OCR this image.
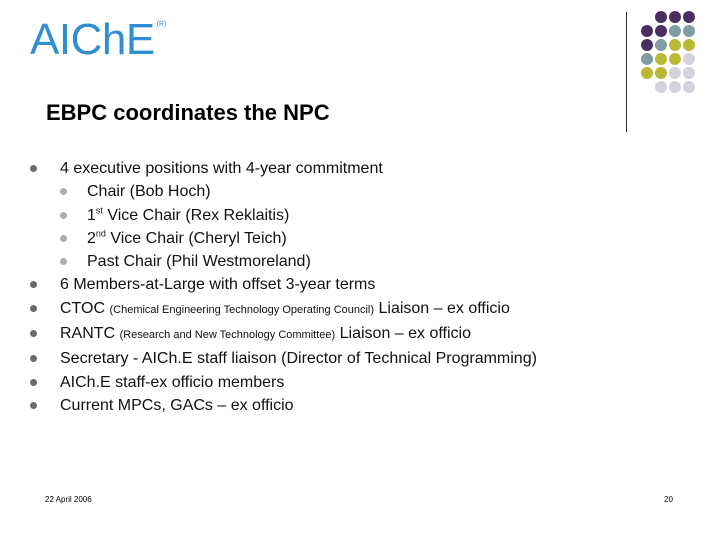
AIChE $^{(R)}$
EBPC coordinates the NPC
4 executive positions with 4-year commitment
Chair (Bob Hoch)
1st Vice Chair (Rex Reklaitis)
2nd Vice Chair (Cheryl Teich)
Past Chair (Phil Westmoreland)
6 Members-at-Large with offset 3-year terms
CTOC (Chemical Engineering Technology Operating Council) Liaison – ex officio
RANTC (Research and New Technology Committee) Liaison – ex officio
Secretary - AICh.E staff liaison (Director of Technical Programming)
AICh.E staff-ex officio members
Current MPCs, GACs – ex officio
22 April 2006	20
